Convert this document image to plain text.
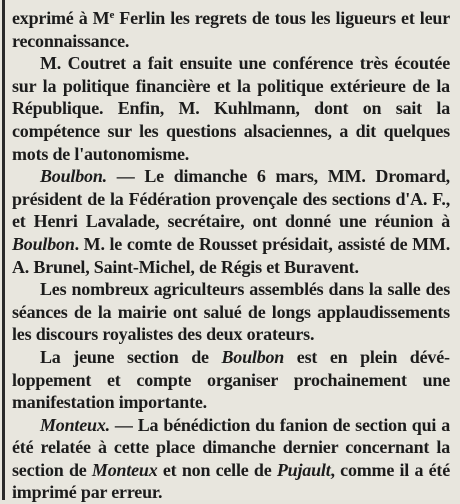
exprimé à Me Ferlin les regrets de tous les ligueurs et leur reconnaissance.

M. Coutret a fait ensuite une conférence très écoutée sur la politique financière et la politique extérieure de la République. Enfin, M. Kuhlmann, dont on sait la compétence sur les questions alsaciennes, a dit quelques mots de l'autonomisme.

Boulbon. — Le dimanche 6 mars, MM. Dromard, président de la Fédération provençale des sections d'A. F., et Henri Lavalade, secrétaire, ont donné une réunion à Boulbon. M. le comte de Rousset présidait, assisté de MM. A. Brunel, Saint-Michel, de Régis et Buravent.

Les nombreux agriculteurs assemblés dans la salle des séances de la mairie ont salué de longs applaudissements les discours royalistes des deux orateurs.

La jeune section de Boulbon est en plein dévéloppement et compte organiser prochainement une manifestation importante.

Monteux. — La bénédiction du fanion de section qui a été relatée à cette place dimanche dernier concernant la section de Monteux et non celle de Pujault, comme il a été imprimé par erreur.
